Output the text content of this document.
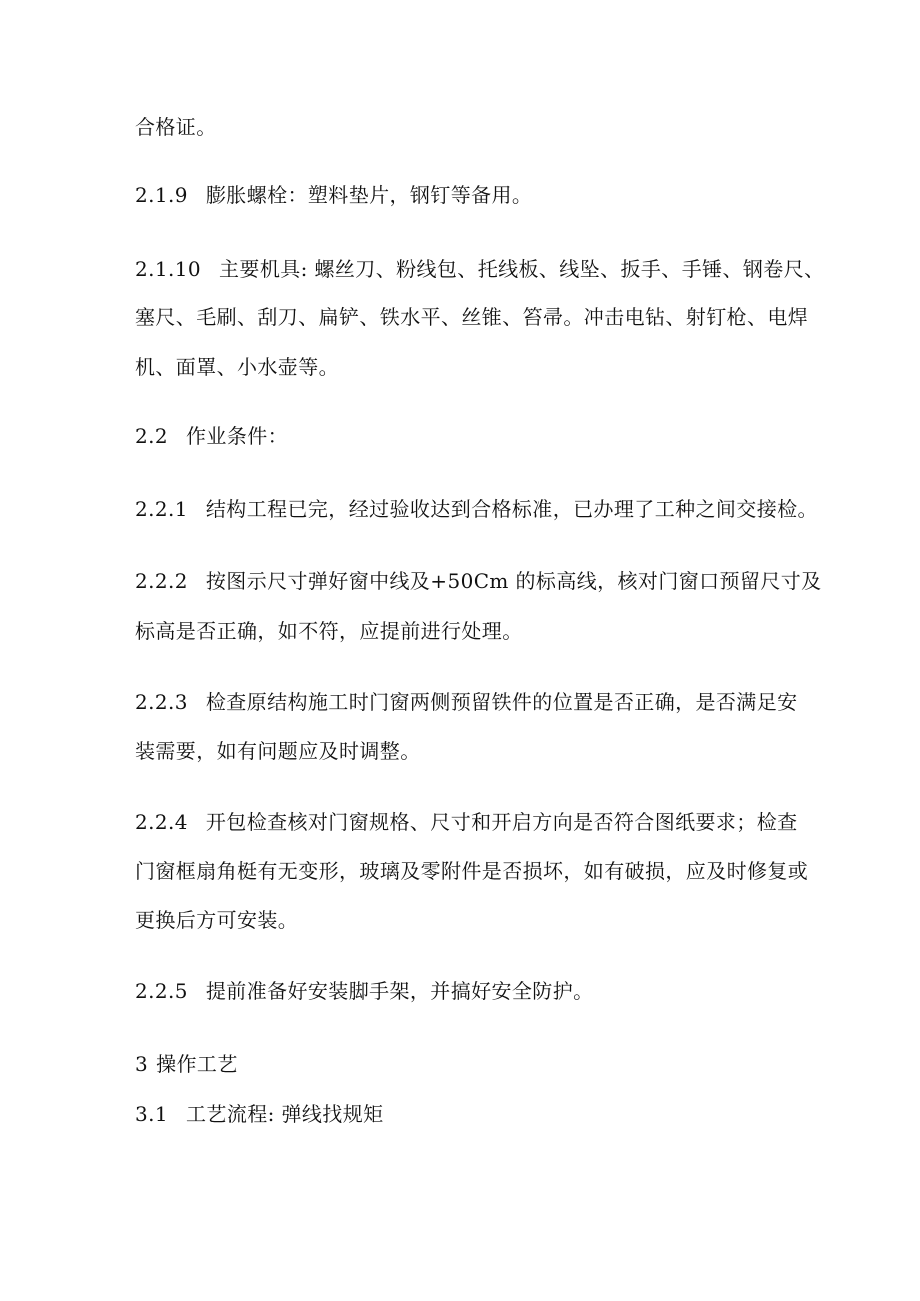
合格证。
2.1.9 膨胀螺栓：塑料垫片，钢钉等备用。
2.1.10 主要机具: 螺丝刀、粉线包、托线板、线坠、扳手、手锤、钢卷尺、
塞尺、毛刷、刮刀、扁铲、铁水平、丝锥、笞帚。冲击电钻、射钉枪、电焊
机、面罩、小水壶等。
2.2 作业条件：
2.2.1 结构工程已完，经过验收达到合格标准，已办理了工种之间交接检。
2.2.2 按图示尺寸弹好窗中线及+50Cm 的标高线，核对门窗口预留尺寸及
标高是否正确，如不符，应提前进行处理。
2.2.3 检查原结构施工时门窗两侧预留铁件的位置是否正确，是否满足安
装需要，如有问题应及时调整。
2.2.4 开包检查核对门窗规格、尺寸和开启方向是否符合图纸要求；检查
门窗框扇角梃有无变形，玻璃及零附件是否损坏，如有破损，应及时修复或
更换后方可安装。
2.2.5 提前准备好安装脚手架，并搞好安全防护。
3 操作工艺
3.1 工艺流程: 弹线找规矩
